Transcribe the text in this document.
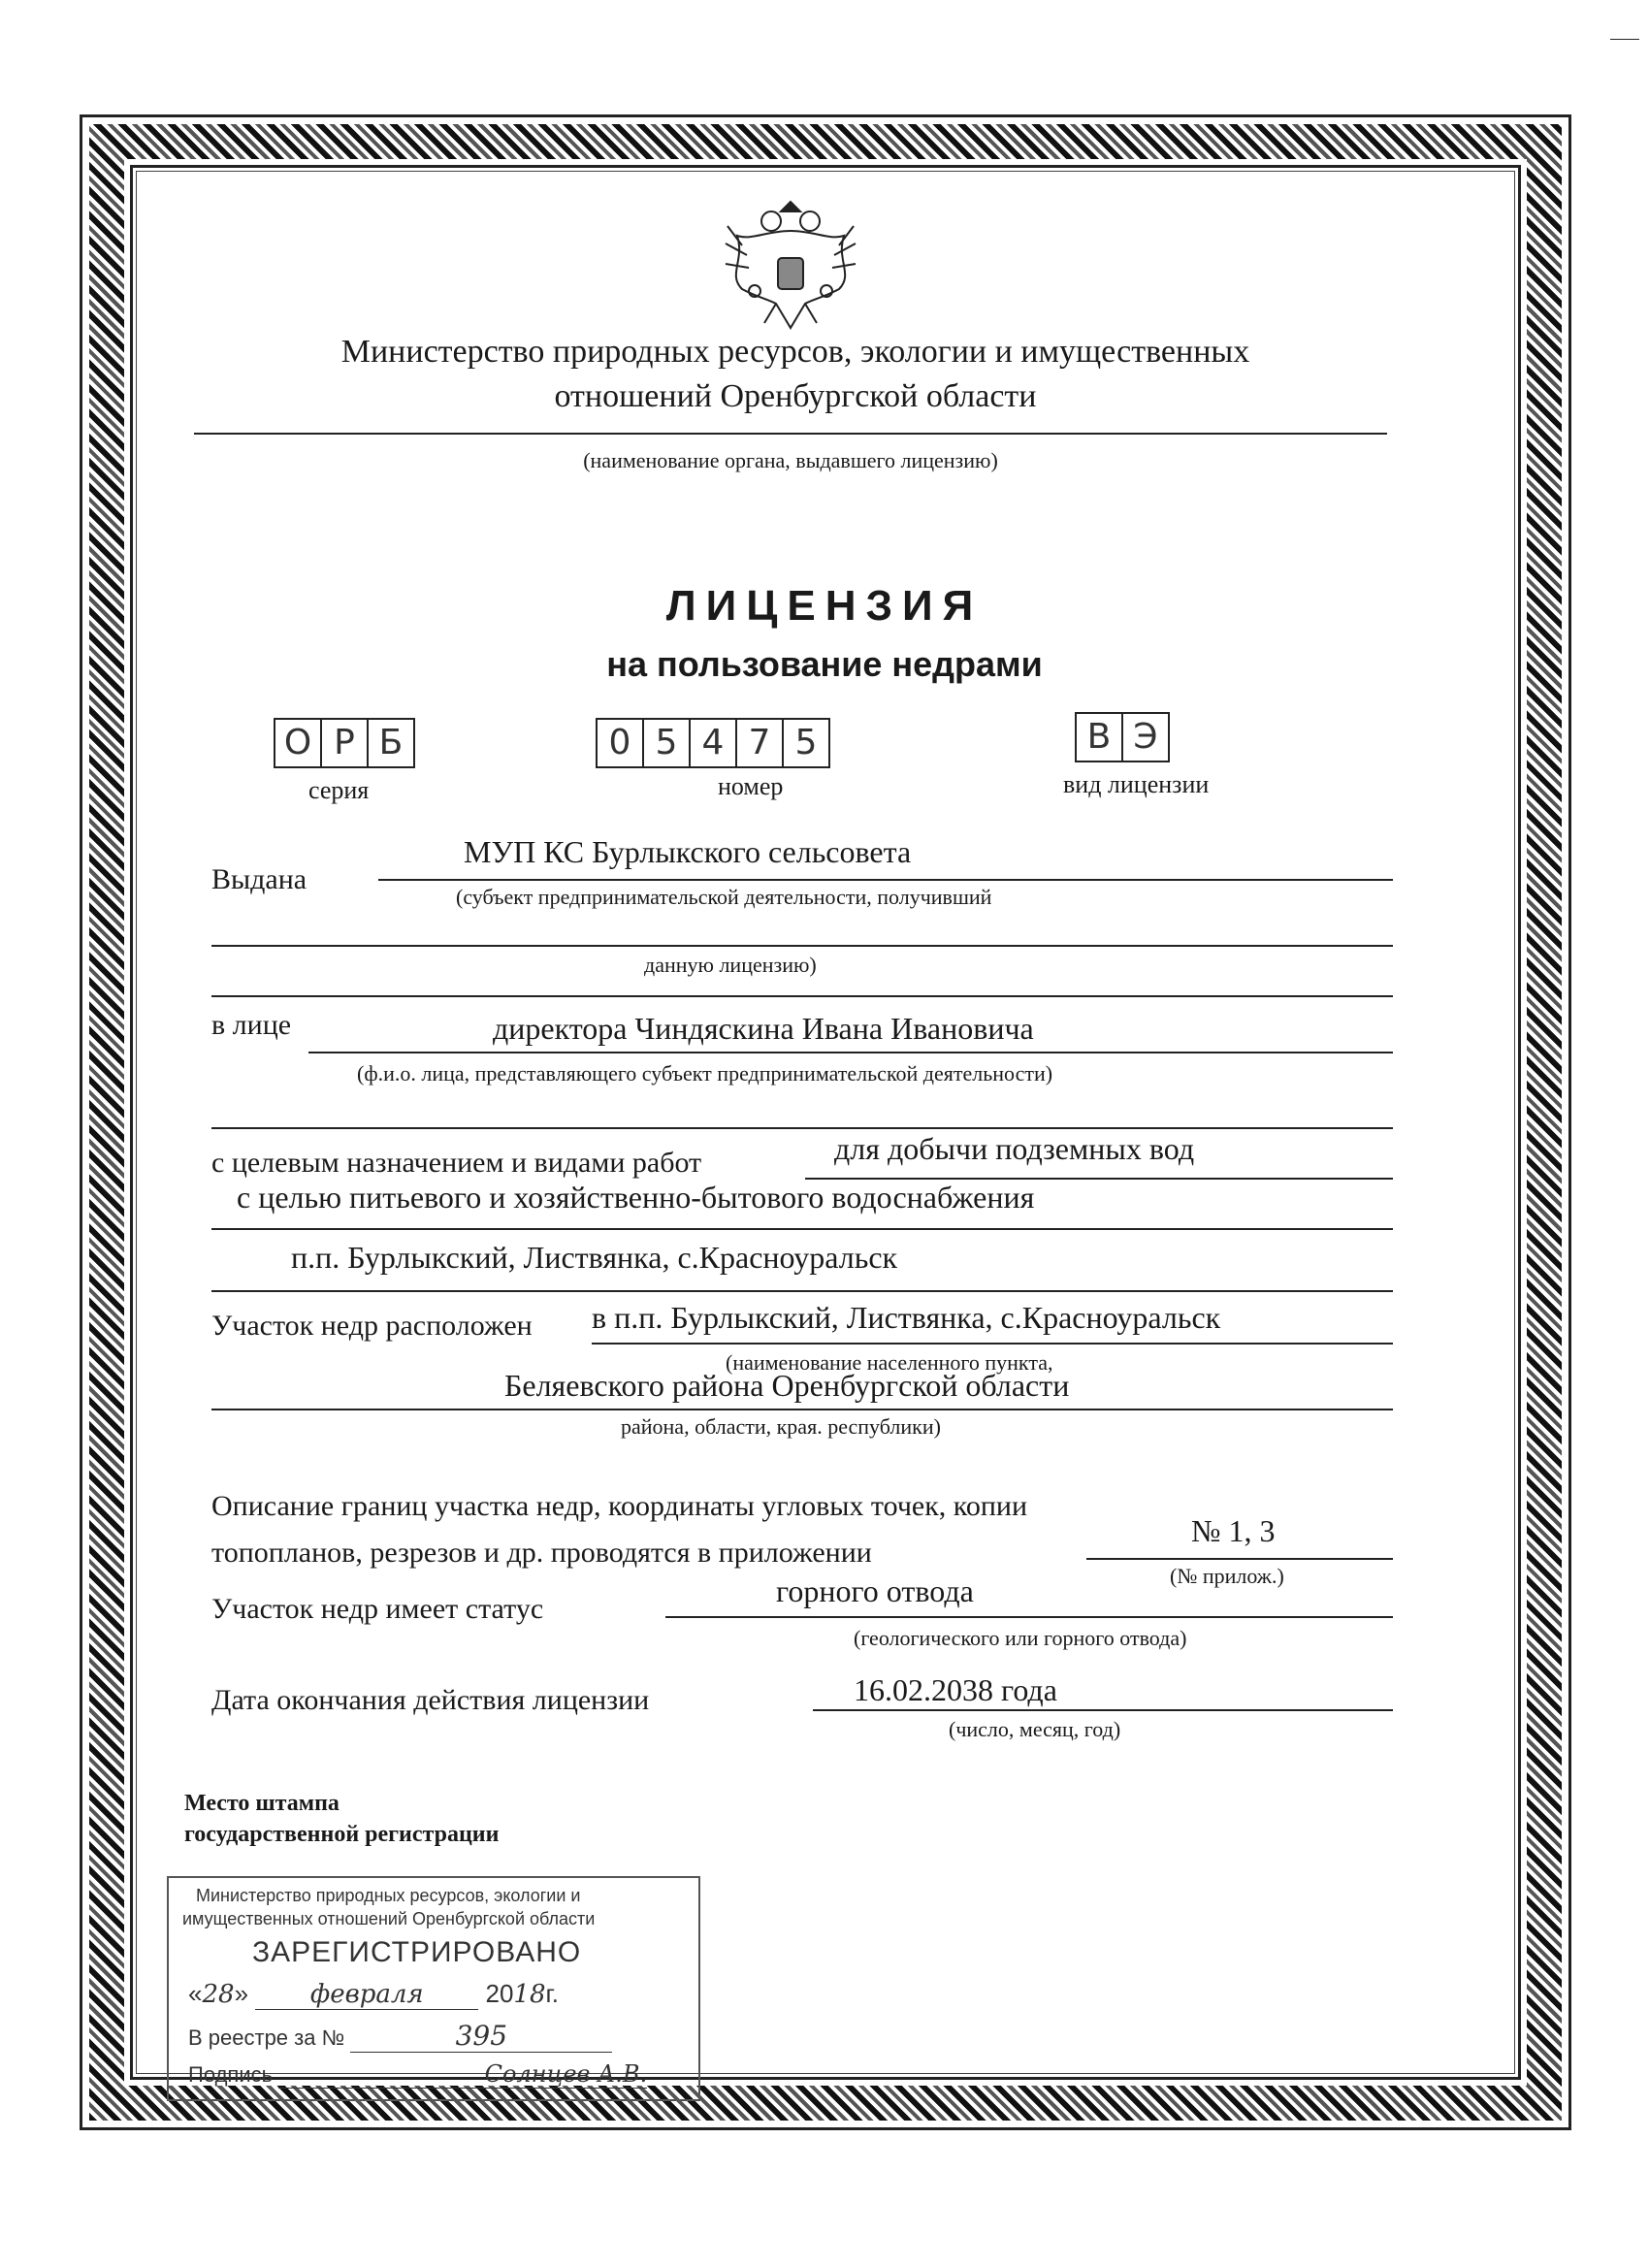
Министерство природных ресурсов, экологии и имущественных
отношений Оренбургской области
(наименование органа, выдавшего лицензию)
ЛИЦЕНЗИЯ
на пользование недрами
О Р Б
серия
0 5 4 7 5
номер
В Э
вид лицензии
Выдана
МУП КС Бурлыкского сельсовета
(субъект предпринимательской деятельности, получивший
данную лицензию)
в лице	директора Чиндяскина Ивана Ивановича
(ф.и.о. лица, представляющего субъект предпринимательской деятельности)
с целевым назначением и видами работ	для добычи подземных вод
с целью питьевого и хозяйственно-бытового водоснабжения
п.п. Бурлыкский, Листвянка, с.Красноуральск
Участок недр расположен в п.п. Бурлыкский, Листвянка, с.Красноуральск
(наименование населенного пункта,
Беляевского района Оренбургской области
района, области, края. республики)
Описание границ участка недр, координаты угловых точек, копии
топопланов, резрезов и др. проводятся в приложении
№ 1, 3
(№ прилож.)
Участок недр имеет статус
горного отвода
(геологического или горного отвода)
Дата окончания действия лицензии	16.02.2038 года
(число, месяц, год)
Место штампа
государственной регистрации
Министерство природных ресурсов, экологии и
имущественных отношений Оренбургской области
ЗАРЕГИСТРИРОВАНО
«28» февраля 2018г.
В реестре за №	395
Подпись	Солнцев А.В.
